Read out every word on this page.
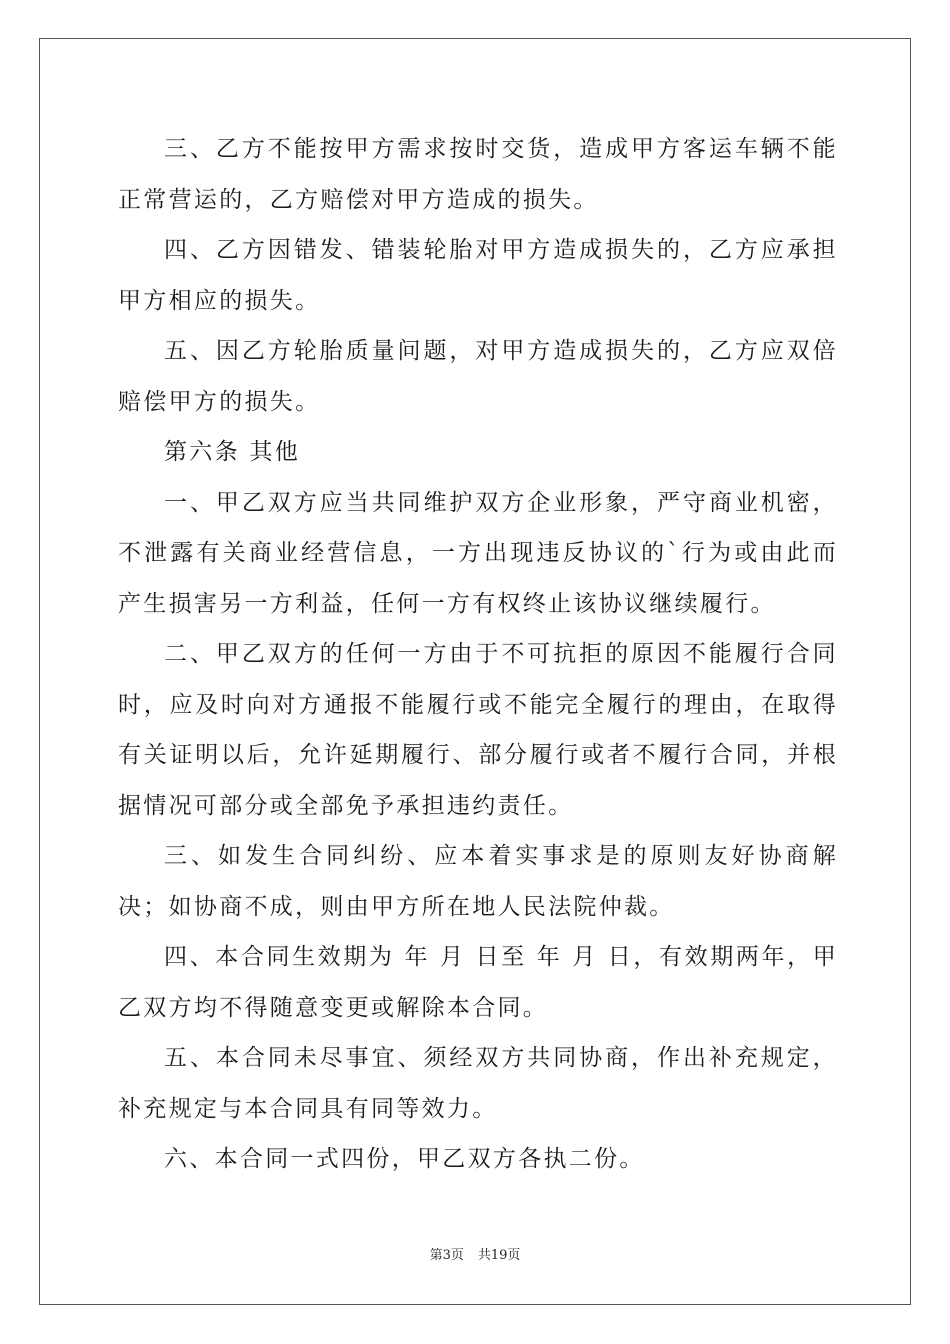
三、乙方不能按甲方需求按时交货，造成甲方客运车辆不能正常营运的，乙方赔偿对甲方造成的损失。

四、乙方因错发、错装轮胎对甲方造成损失的，乙方应承担甲方相应的损失。

五、因乙方轮胎质量问题，对甲方造成损失的，乙方应双倍赔偿甲方的损失。

第六条 其他

一、甲乙双方应当共同维护双方企业形象，严守商业机密，不泄露有关商业经营信息，一方出现违反协议的`行为或由此而产生损害另一方利益，任何一方有权终止该协议继续履行。

二、甲乙双方的任何一方由于不可抗拒的原因不能履行合同时，应及时向对方通报不能履行或不能完全履行的理由，在取得有关证明以后，允许延期履行、部分履行或者不履行合同，并根据情况可部分或全部免予承担违约责任。

三、如发生合同纠纷、应本着实事求是的原则友好协商解决；如协商不成，则由甲方所在地人民法院仲裁。

四、本合同生效期为 年 月 日至 年 月 日，有效期两年，甲乙双方均不得随意变更或解除本合同。

五、本合同未尽事宜、须经双方共同协商，作出补充规定，补充规定与本合同具有同等效力。

六、本合同一式四份，甲乙双方各执二份。

第3页 共19页
